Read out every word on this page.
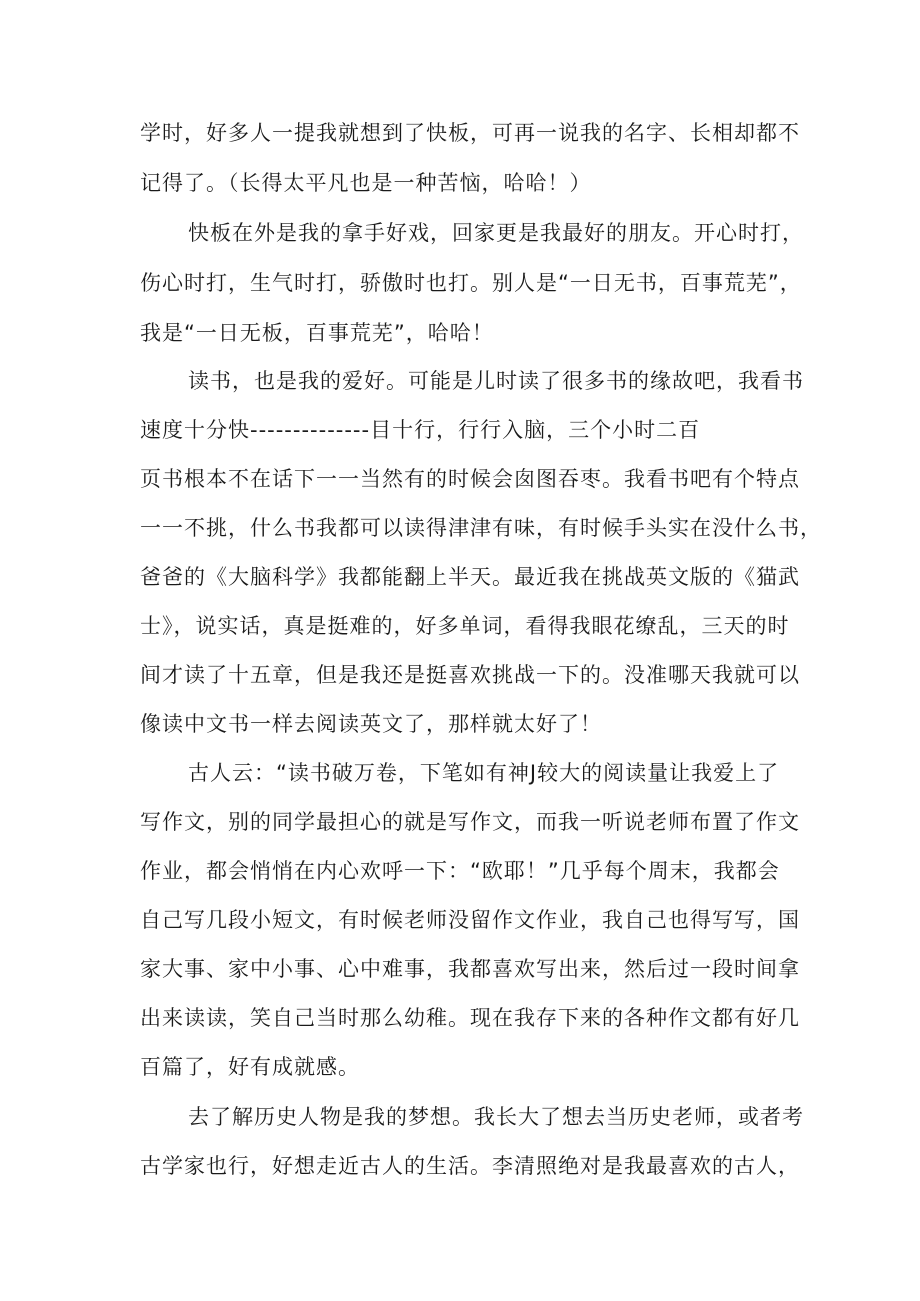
学时，好多人一提我就想到了快板，可再一说我的名字、长相却都不
记得了。（长得太平凡也是一种苦恼，哈哈！）
快板在外是我的拿手好戏，回家更是我最好的朋友。开心时打，
伤心时打，生气时打，骄傲时也打。别人是“一日无书，百事荒芜”，
我是“一日无板，百事荒芜”，哈哈！
读书，也是我的爱好。可能是儿时读了很多书的缘故吧，我看书
速度十分快--------------目十行，行行入脑，三个小时二百
页书根本不在话下一一当然有的时候会囱图吞枣。我看书吧有个特点
一一不挑，什么书我都可以读得津津有味，有时候手头实在没什么书，
爸爸的《大脑科学》我都能翻上半天。最近我在挑战英文版的《猫武
士》，说实话，真是挺难的，好多单词，看得我眼花缭乱，三天的时
间才读了十五章，但是我还是挺喜欢挑战一下的。没准哪天我就可以
像读中文书一样去阅读英文了，那样就太好了！
古人云：“读书破万卷，下笔如有神J较大的阅读量让我爱上了
写作文，别的同学最担心的就是写作文，而我一听说老师布置了作文
作业，都会悄悄在内心欢呼一下：“欧耶！”几乎每个周末，我都会
自己写几段小短文，有时候老师没留作文作业，我自己也得写写，国
家大事、家中小事、心中难事，我都喜欢写出来，然后过一段时间拿
出来读读，笑自己当时那么幼稚。现在我存下来的各种作文都有好几
百篇了，好有成就感。
去了解历史人物是我的梦想。我长大了想去当历史老师，或者考
古学家也行，好想走近古人的生活。李清照绝对是我最喜欢的古人，
